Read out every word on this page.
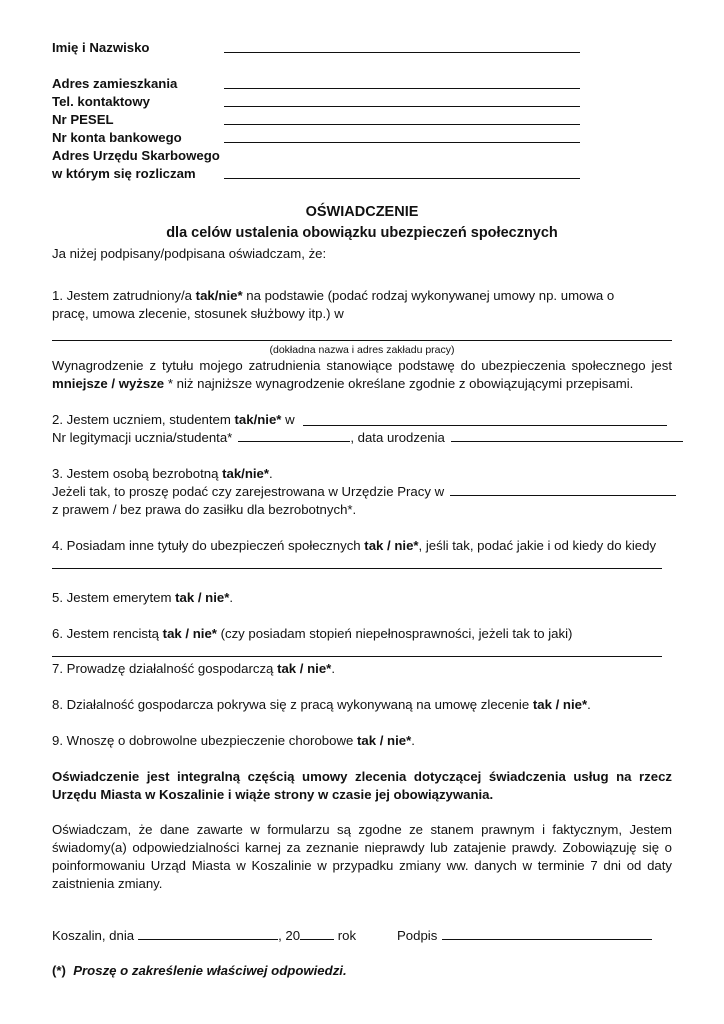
Imię i Nazwisko
Adres zamieszkania
Tel. kontaktowy
Nr PESEL
Nr konta bankowego
Adres Urzędu Skarbowego
w którym się rozliczam
OŚWIADCZENIE
dla celów ustalenia obowiązku ubezpieczeń społecznych
Ja niżej podpisany/podpisana oświadczam, że:
1. Jestem zatrudniony/a tak/nie* na podstawie (podać rodzaj wykonywanej umowy np. umowa o
pracę, umowa zlecenie, stosunek służbowy itp.) w
(dokładna nazwa i adres zakładu pracy)
Wynagrodzenie z tytułu mojego zatrudnienia stanowiące podstawę do ubezpieczenia społecznego jest
mniejsze / wyższe * niż najniższe wynagrodzenie określane zgodnie z obowiązującymi przepisami.
2. Jestem uczniem, studentem tak/nie* w
Nr legitymacji ucznia/studenta*	, data urodzenia
3. Jestem osobą bezrobotną tak/nie*.
Jeżeli tak, to proszę podać czy zarejestrowana w Urzędzie Pracy w
z prawem / bez prawa do zasiłku dla bezrobotnych*.
4. Posiadam inne tytuły do ubezpieczeń społecznych tak / nie*, jeśli tak, podać jakie i od kiedy do kiedy
5. Jestem emerytem tak / nie*.
6. Jestem rencistą tak / nie* (czy posiadam stopień niepełnosprawności, jeżeli tak to jaki)
7. Prowadzę działalność gospodarczą tak / nie*.
8. Działalność gospodarcza pokrywa się z pracą wykonywaną na umowę zlecenie tak / nie*.
9. Wnoszę o dobrowolne ubezpieczenie chorobowe tak / nie*.
Oświadczenie jest integralną częścią umowy zlecenia dotyczącej świadczenia usług na rzecz Urzędu Miasta w Koszalinie i wiąże strony w czasie jej obowiązywania.
Oświadczam, że dane zawarte w formularzu są zgodne ze stanem prawnym i faktycznym, Jestem świadomy(a) odpowiedzialności karnej za zeznanie nieprawdy lub zatajenie prawdy. Zobowiązuję się o poinformowaniu Urząd Miasta w Koszalinie w przypadku zmiany ww. danych w terminie 7 dni od daty zaistnienia zmiany.
Koszalin, dnia	, 20	rok	Podpis
(*) Proszę o zakreślenie właściwej odpowiedzi.
